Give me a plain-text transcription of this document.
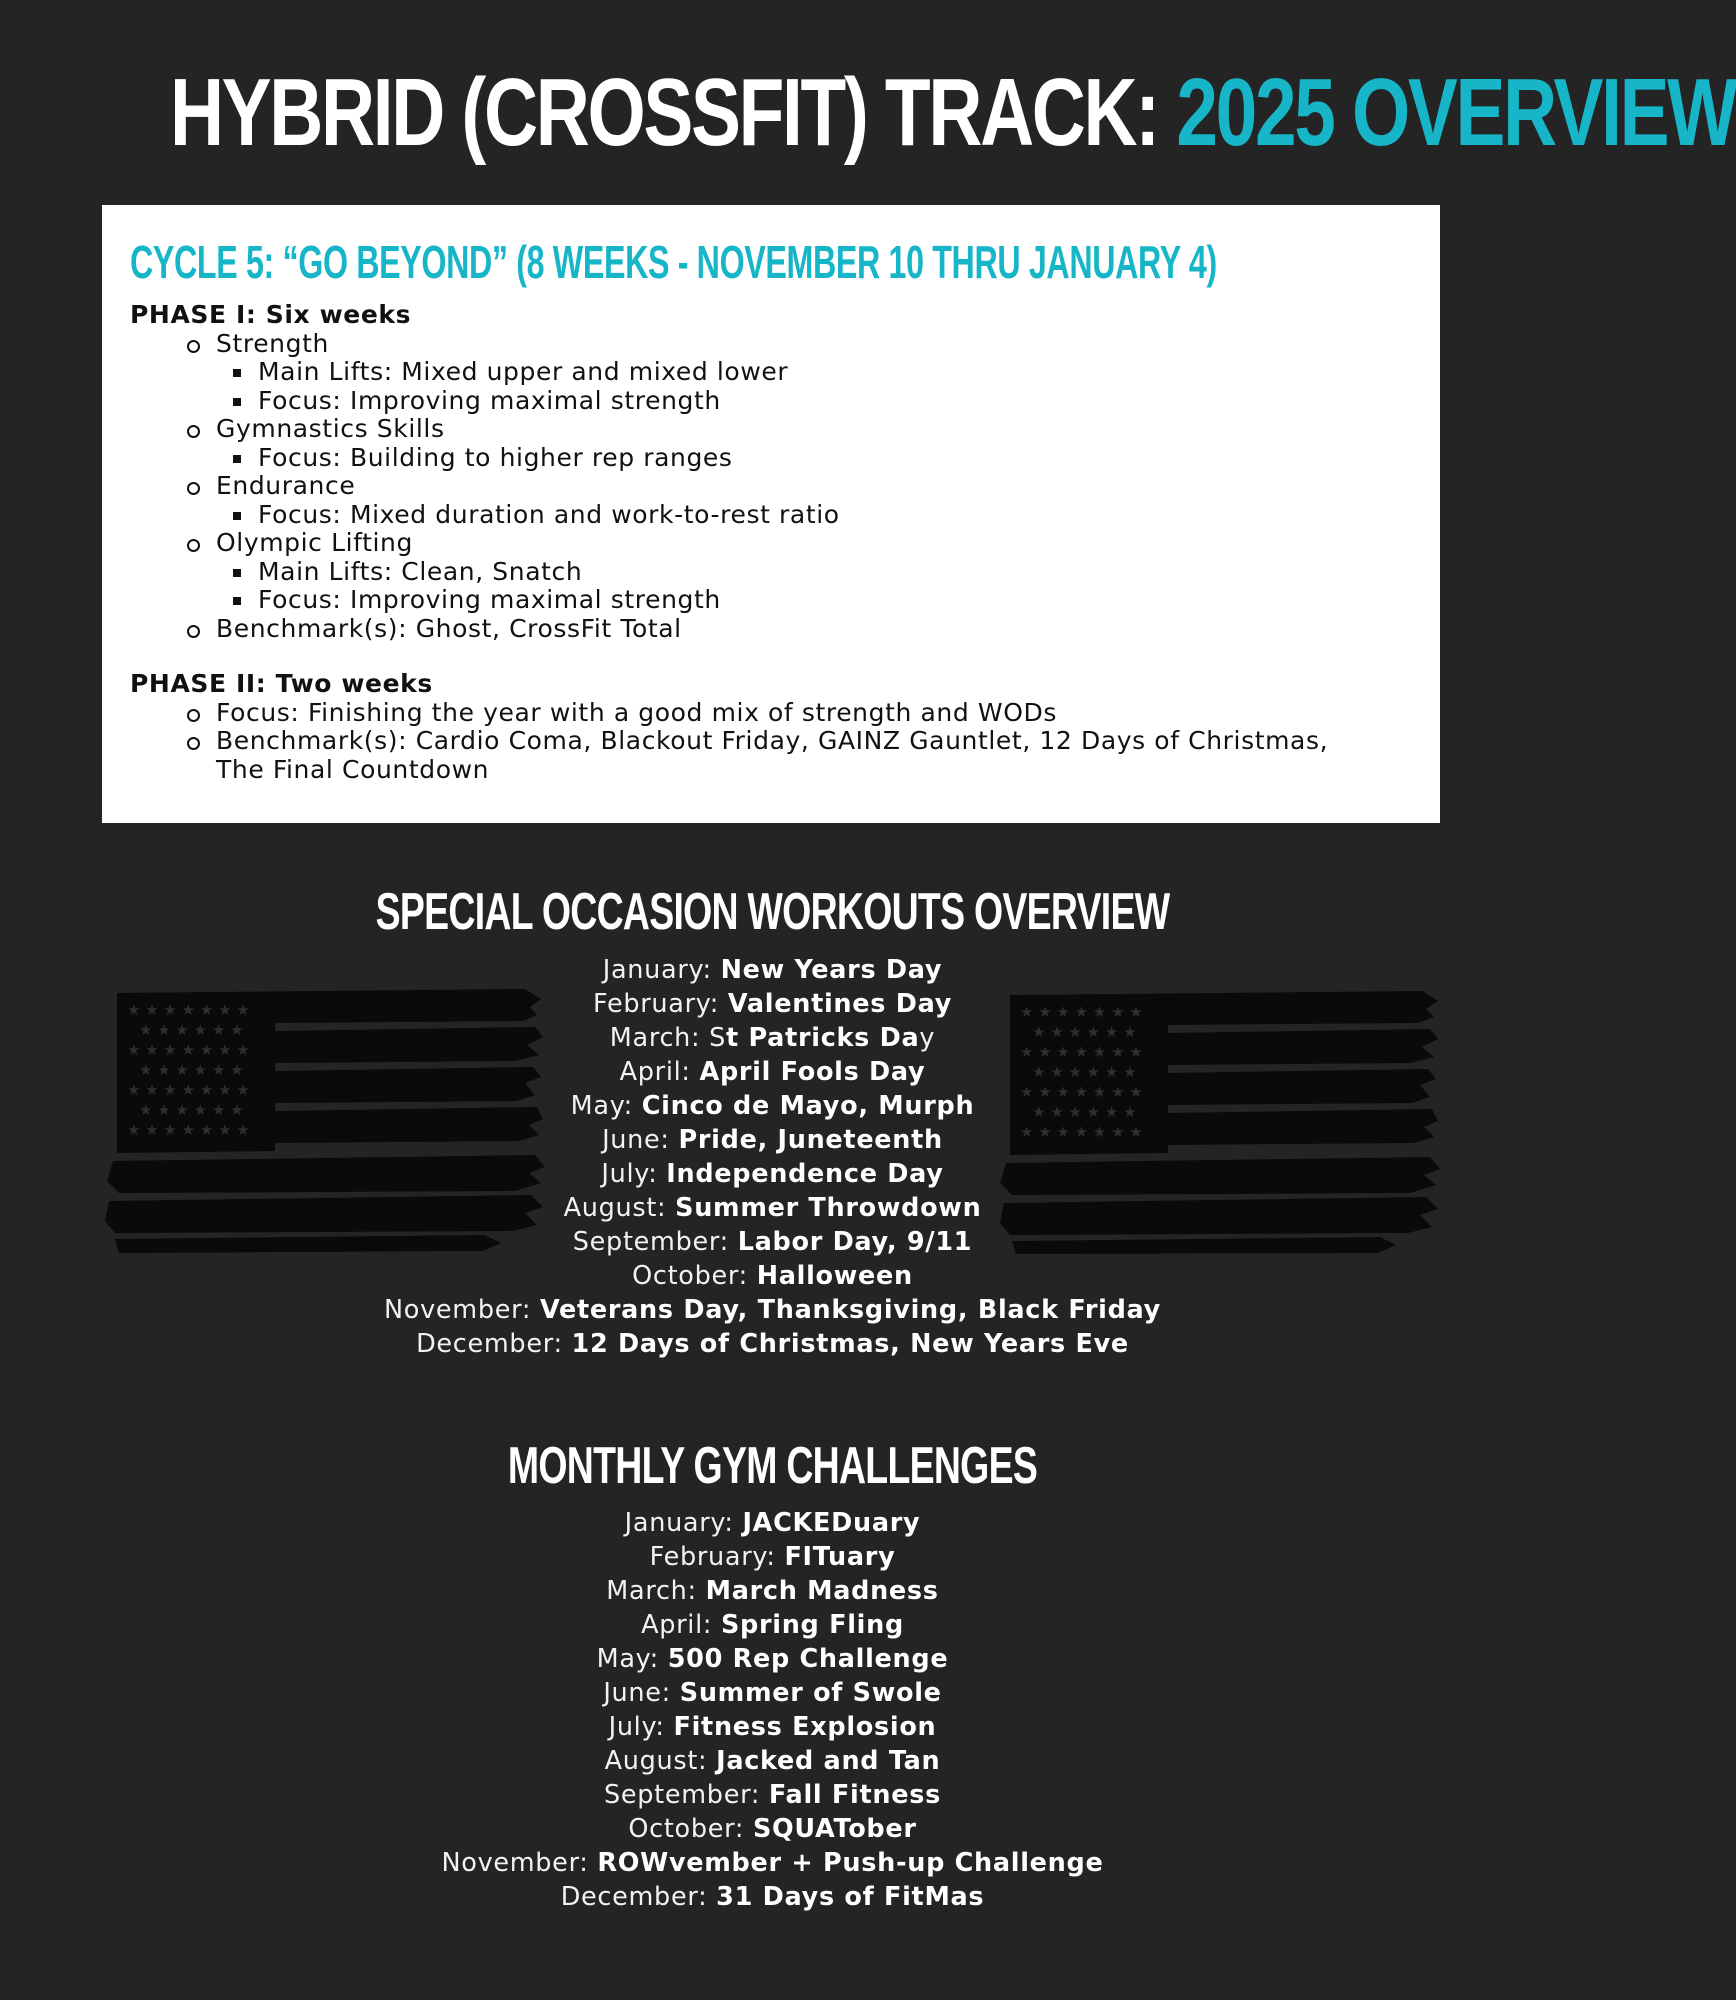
HYBRID (CROSSFIT) TRACK: 2025 OVERVIEW
CYCLE 5: “GO BEYOND” (8 WEEKS - NOVEMBER 10 THRU JANUARY 4)
PHASE I: Six weeks
Strength
Main Lifts: Mixed upper and mixed lower
Focus: Improving maximal strength
Gymnastics Skills
Focus: Building to higher rep ranges
Endurance
Focus: Mixed duration and work-to-rest ratio
Olympic Lifting
Main Lifts: Clean, Snatch
Focus: Improving maximal strength
Benchmark(s): Ghost, CrossFit Total
PHASE II: Two weeks
Focus: Finishing the year with a good mix of strength and WODs
Benchmark(s): Cardio Coma, Blackout Friday, GAINZ Gauntlet, 12 Days of Christmas,
The Final Countdown
★ ★ ★ ★ ★ ★ ★
★ ★ ★ ★ ★ ★
★ ★ ★ ★ ★ ★ ★
★ ★ ★ ★ ★ ★
★ ★ ★ ★ ★ ★ ★
★ ★ ★ ★ ★ ★
★ ★ ★ ★ ★ ★ ★
★ ★ ★ ★ ★ ★ ★
★ ★ ★ ★ ★ ★
★ ★ ★ ★ ★ ★ ★
★ ★ ★ ★ ★ ★
★ ★ ★ ★ ★ ★ ★
★ ★ ★ ★ ★ ★
★ ★ ★ ★ ★ ★ ★
SPECIAL OCCASION WORKOUTS OVERVIEW
January: New Years Day
February: Valentines Day
March: St Patricks Day
April: April Fools Day
May: Cinco de Mayo, Murph
June: Pride, Juneteenth
July: Independence Day
August: Summer Throwdown
September: Labor Day, 9/11
October: Halloween
November: Veterans Day, Thanksgiving, Black Friday
December: 12 Days of Christmas, New Years Eve
MONTHLY GYM CHALLENGES
January: JACKEDuary
February: FITuary
March: March Madness
April: Spring Fling
May: 500 Rep Challenge
June: Summer of Swole
July: Fitness Explosion
August: Jacked and Tan
September: Fall Fitness
October: SQUATober
November: ROWvember + Push-up Challenge
December: 31 Days of FitMas
